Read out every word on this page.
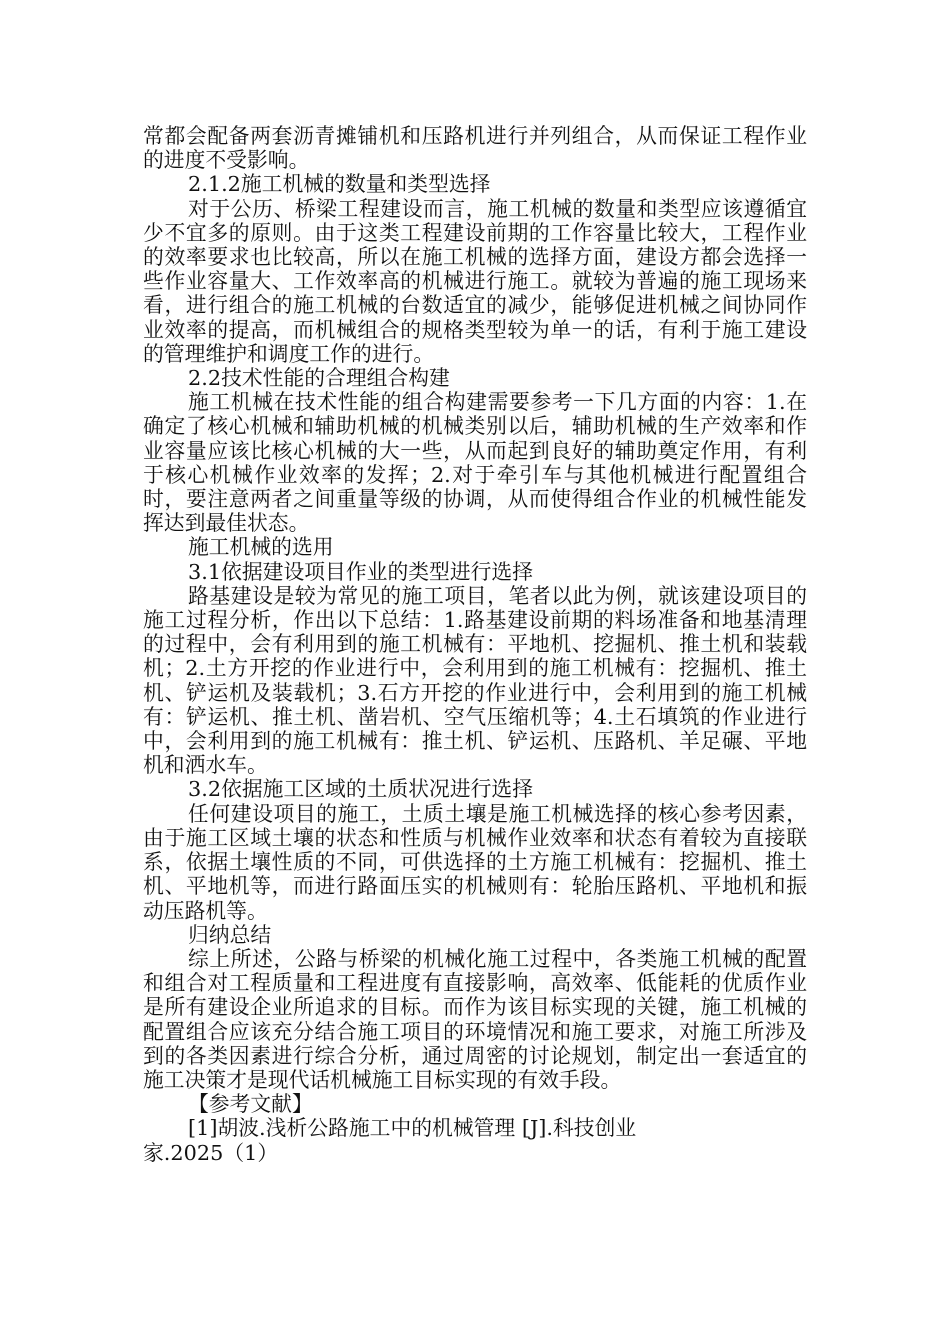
常都会配备两套沥青摊铺机和压路机进行并列组合，从而保证工程作业的进度不受影响。

2.1.2施工机械的数量和类型选择

对于公历、桥梁工程建设而言，施工机械的数量和类型应该遵循宜少不宜多的原则。由于这类工程建设前期的工作容量比较大，工程作业的效率要求也比较高，所以在施工机械的选择方面，建设方都会选择一些作业容量大、工作效率高的机械进行施工。就较为普遍的施工现场来看，进行组合的施工机械的台数适宜的减少，能够促进机械之间协同作业效率的提高，而机械组合的规格类型较为单一的话，有利于施工建设的管理维护和调度工作的进行。

2.2技术性能的合理组合构建

施工机械在技术性能的组合构建需要参考一下几方面的内容：1.在确定了核心机械和辅助机械的机械类别以后，辅助机械的生产效率和作业容量应该比核心机械的大一些，从而起到良好的辅助奠定作用，有利于核心机械作业效率的发挥；2.对于牵引车与其他机械进行配置组合时，要注意两者之间重量等级的协调，从而使得组合作业的机械性能发挥达到最佳状态。

施工机械的选用

3.1依据建设项目作业的类型进行选择

路基建设是较为常见的施工项目，笔者以此为例，就该建设项目的施工过程分析，作出以下总结：1.路基建设前期的料场准备和地基清理的过程中，会有利用到的施工机械有：平地机、挖掘机、推土机和装载机；2.土方开挖的作业进行中，会利用到的施工机械有：挖掘机、推土机、铲运机及装载机；3.石方开挖的作业进行中，会利用到的施工机械有：铲运机、推土机、凿岩机、空气压缩机等；4.土石填筑的作业进行中，会利用到的施工机械有：推土机、铲运机、压路机、羊足碾、平地机和洒水车。

3.2依据施工区域的土质状况进行选择

任何建设项目的施工，土质土壤是施工机械选择的核心参考因素，由于施工区域土壤的状态和性质与机械作业效率和状态有着较为直接联系，依据土壤性质的不同，可供选择的土方施工机械有：挖掘机、推土机、平地机等，而进行路面压实的机械则有：轮胎压路机、平地机和振动压路机等。

归纳总结

综上所述，公路与桥梁的机械化施工过程中，各类施工机械的配置和组合对工程质量和工程进度有直接影响，高效率、低能耗的优质作业是所有建设企业所追求的目标。而作为该目标实现的关键，施工机械的配置组合应该充分结合施工项目的环境情况和施工要求，对施工所涉及到的各类因素进行综合分析，通过周密的讨论规划，制定出一套适宜的施工决策才是现代话机械施工目标实现的有效手段。

【参考文献】

[1]胡波.浅析公路施工中的机械管理 [J].科技创业

家.2025（1）
